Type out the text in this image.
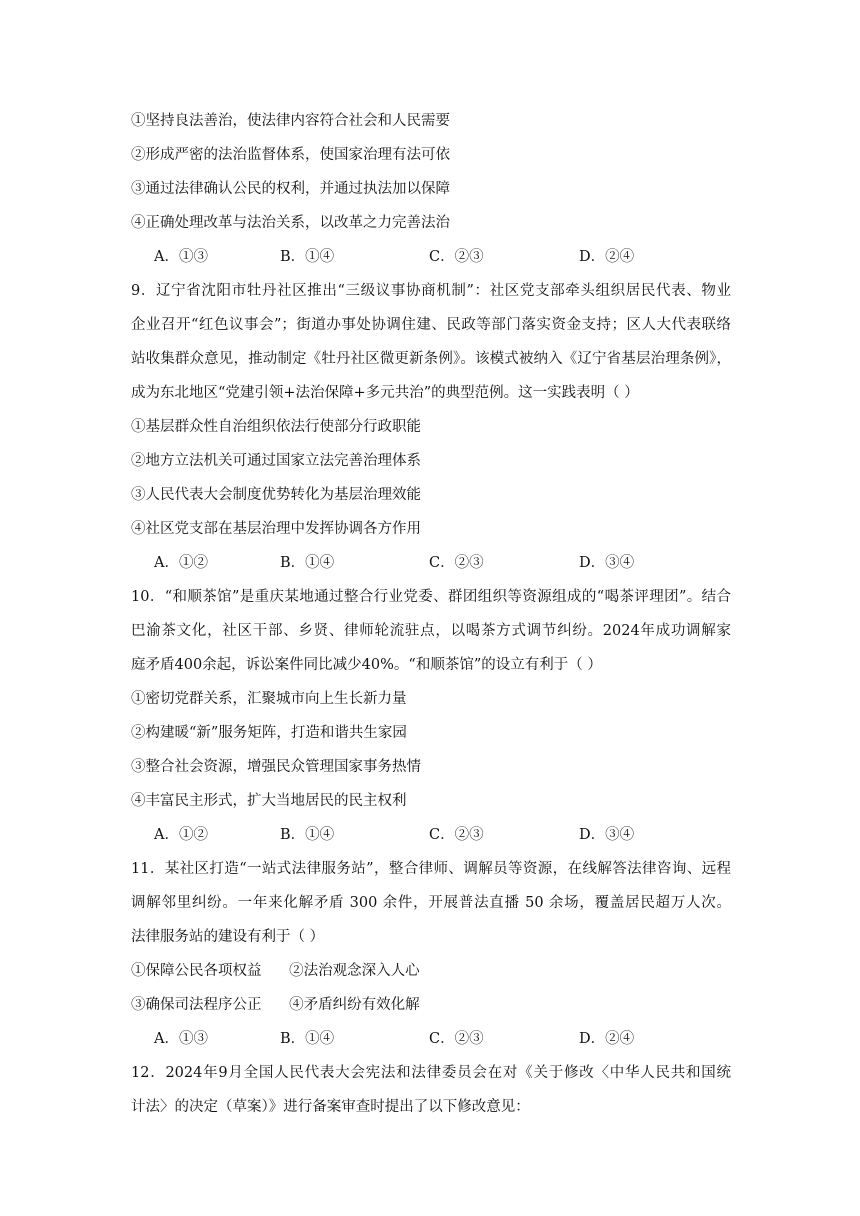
①坚持良法善治，使法律内容符合社会和人民需要
②形成严密的法治监督体系，使国家治理有法可依
③通过法律确认公民的权利，并通过执法加以保障
④正确处理改革与法治关系，以改革之力完善法治
A．①③	B．①④	C．②③	D．②④
9．辽宁省沈阳市牡丹社区推出“三级议事协商机制”：社区党支部牵头组织居民代表、物业
企业召开“红色议事会”；街道办事处协调住建、民政等部门落实资金支持；区人大代表联络
站收集群众意见，推动制定《牡丹社区微更新条例》。该模式被纳入《辽宁省基层治理条例》，
成为东北地区“党建引领+法治保障+多元共治”的典型范例。这一实践表明（ ）
①基层群众性自治组织依法行使部分行政职能
②地方立法机关可通过国家立法完善治理体系
③人民代表大会制度优势转化为基层治理效能
④社区党支部在基层治理中发挥协调各方作用
A．①②	B．①④	C．②③	D．③④
10．“和顺茶馆”是重庆某地通过整合行业党委、群团组织等资源组成的“喝茶评理团”。结合
巴渝茶文化，社区干部、乡贤、律师轮流驻点，以喝茶方式调节纠纷。2024年成功调解家
庭矛盾400余起，诉讼案件同比减少40%。“和顺茶馆”的设立有利于（ ）
①密切党群关系，汇聚城市向上生长新力量
②构建暖“新”服务矩阵，打造和谐共生家园
③整合社会资源，增强民众管理国家事务热情
④丰富民主形式，扩大当地居民的民主权利
A．①②	B．①④	C．②③	D．③④
11．某社区打造“一站式法律服务站”，整合律师、调解员等资源，在线解答法律咨询、远程
调解邻里纠纷。一年来化解矛盾 300 余件，开展普法直播 50 余场，覆盖居民超万人次。
法律服务站的建设有利于（ ）
①保障公民各项权益      ②法治观念深入人心
③确保司法程序公正      ④矛盾纠纷有效化解
A．①③	B．①④	C．②③	D．②④
12．2024年9月全国人民代表大会宪法和法律委员会在对《关于修改〈中华人民共和国统
计法〉的决定（草案）》进行备案审查时提出了以下修改意见：
